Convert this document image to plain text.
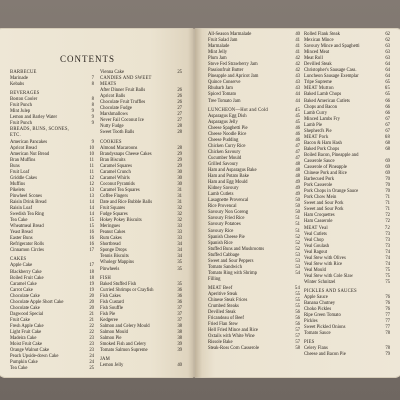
CONTENTS
BARBECUE
Marinade	7
Kebabs	8
BEVERAGES
Boston Cooler	8
Fruit Punch	8
Mint Julep	9
Lemon and Barley Water	9
Fruit Punch	9
BREADS, BUNS, SCONES,
ETC.
American Pancakes	9
Apricot Bread	10
American Nut Bread	10
Bran Muffins	11
Buns	11
Fruit Loaf	11
Griddle Cakes	12
Muffins	12
Pikelets	13
Pinwheel Scones	13
Raisin Drink Bread	14
Raisin Loaf	14
Swedish Tea Ring	14
Tea Cake	15
Wheatmeal Bread	15
Yeast Bread	16
Easter Buns	16
Refrigerator Rolls	16
Cinnamon Circles	17
CAKES
Apple Cake	17
Blackberry Cake	18
Boiled Fruit Cake	18
Caramel Cake	19
Carrot Cake	19
Chocolate Cake	20
Chocolate Apple Short Cake	20
Chocolate Cake	20
Dagwood Special	21
Fruit Cake	21
Fresh Apple Cake	22
Light Fruit Cake	22
Madeira Cake	23
Moist Fruit Cake	23
Orange Walnut Cake	23
Peach Upside-down Cake	24
Pumpkin Cake	24
Tea Cake	25
Vienna Cake	25
CANDIES AND SWEET
MEATS
After Dinner Fruit Balls	26
Apricot Balls	26
Chocolate Fruit Truffles	26
Chocolate Fudge	27
Marshmallows	27
Never Fail Coconut Ice	27
Nutty Fudge	28
Sweet Tooth Balls	28
COOKIES
Almond Macaroons	28
Brandysnaps Cheese Cakes	29
Bran Biscuits	29
Caramel Squares	29
Caramel Crunch	30
Caramel Whirls	30
Coconut Pyramids	30
Caramel Tea Squares	31
Coffee Fingers	31
Date and Rice Bubble Balls	31
Fruit Squares	32
Fudge Squares	32
Hokey Pokey Biscuits	32
Meringues	33
Peanut Cakes	33
Rum Cakes	33
Shortbread	34
Sponge Drops	34
Tennis Biscuits	34
Wholegr Mappins	35
Pinwheels	35
FISH
Baked Stuffed Fish	35
Curried Shrimps or Crayfish	36
Fish Cakes	36
Fish Custard	36
Fish Souffle	37
Fish Pie	37
Kedgeree	37
Salmon and Celery Mould	38
Salmon Mould	38
Salmon Pie	38
Smoked Fish and Celery	39
Tomato Salmon Supreme	39
JAM
Lemon Jelly	40
All-Season Marmalade	40
Fruit Salad Jam	41
Marmalade	41
Mint Jelly	41
Plum Jam	42
Stove Fed Strawberry Jam	42
Passionfruit Butter	42
Pineapple and Apricot Jam	43
Quince Conserve	43
Rhubarb Jam	43
Spiced Tomato	44
Tree Tomato Jam	44
LUNCHEON—Hot and Cold	45
Asparagus Egg Dish	45
Asparagus Jelly	45
Cheese Spaghetti Pie	46
Cheese Noodle Rice	46
Cheese Pudding	46
Chicken Curry Rice	47
Chicken Savoury	47
Cucumber Mould	47
Grilled Savoury	48
Ham and Asparagus Bake	48
Ham and Potato Bake	48
Ham and Egg Mould	49
Kidney Savoury	49
Lamb Cutlets	49
Lasagnette Provencal	50
Rice Provencal	50
Savoury Non Goreng	50
Savoury Fried Rice	51
Savoury Potatoes	51
Savoury Rice	51
Spanish Cheese Pie	52
Spanish Rice	52
Stuffed Buns and Mushrooms	52
Stuffed Cabbage	53
Sweet and Sour Peppers	53
Tomato Sandwich	53
Tomato Ring with Shrimp	54
Filling
MEAT Beef	54
Aperitive Steak	55
Chinese Steak Frices	55
Crumbed Steaks	55
Devilled Steak	56
Fricandeau of Beef	56
Fried Flan Stew	56
Hell Fried Mince and Rice	57
Oxtails with White Wine	57
Rissole Bake	57
Steak-Ross Corn Casserole	58
Rolled Flank Steak	62
Mexican Mince	62
Savoury Mince and Spaghetti	63
Minced Meat	63
Meat Roll	63
Devilled Steak	64
Christopher's Sausage Cass.	64
Luncheon Sausage Exemplar	64
Tripe Supreme	65
MEAT Mutton	65
Baked Lamb Chops	65
Baked American Cutlets	66
Chops and Bacon	66
Lamb Curry	66
Minced Lambs Fry	67
Lamb Pie	67
Shepherd's Pie	67
MEAT Pork	68
Bacon & Ham Hash	68
Baked Pork Chops	68
Boiled Bacon, Pineapple and
Casserole Sauce	69
Casserole of Pineapple	69
Chinese Pork and Rice	69
Barbecued Pork	70
Pork Casserole	70
Pork Chops in Orange Sauce	70
Pork Chow Mein	71
Sweet and Sour Pork	71
Sweet and Sour Pork	71
Ham Croquettes	72
Ham Casserole	72
MEAT Veal	72
Veal Cutlets	73
Veal Chop	73
Veal Goulash	73
Veal Ragout	74
Veal Stew with Olives	74
Veal Stew with Rice	74
Veal Mould	75
Veal Stew with Cole Slaw	75
Winter Schnitzel	75
PICKLES AND SAUCES
Apple Sauce	76
Banana Chutney	76
Choko Pickles	76
Ripe Green Tomato	77
Pickles	77
Sweet Pickled Onions	77
Tomato Sauce	78
PIES
Celery Flans	78
Cheese and Bacon Pie	79
